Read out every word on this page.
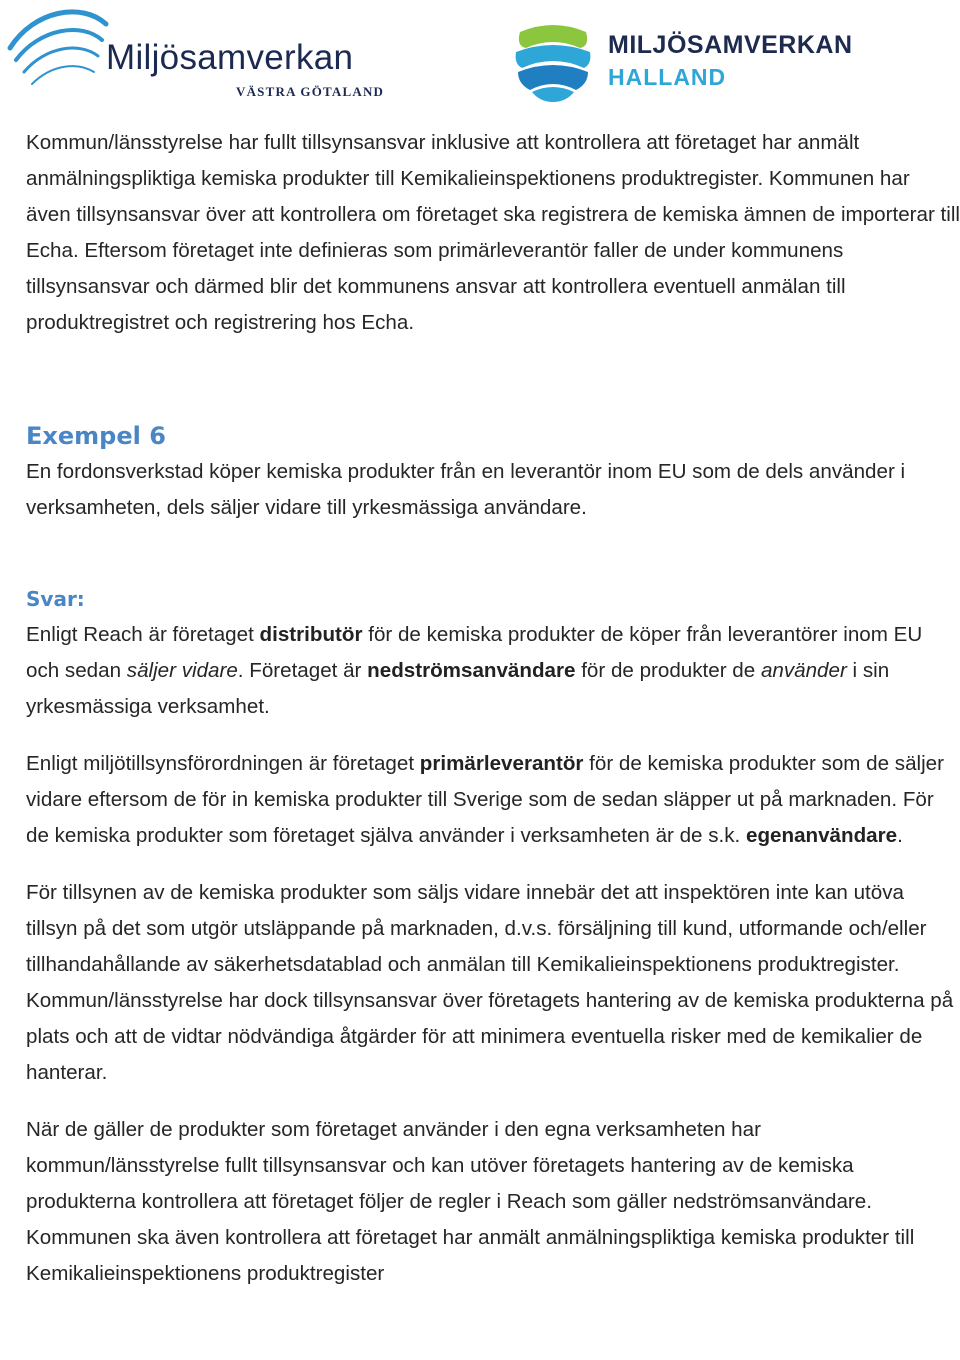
Miljösamverkan
VÄSTRA GÖTALAND
MILJÖSAMVERKAN
HALLAND

Kommun/länsstyrelse har fullt tillsynsansvar inklusive att kontrollera att företaget har anmält anmälningspliktiga kemiska produkter till Kemikalieinspektionens produktregister. Kommunen har även tillsynsansvar över att kontrollera om företaget ska registrera de kemiska ämnen de importerar till Echa. Eftersom företaget inte definieras som primärleverantör faller de under kommunens tillsynsansvar och därmed blir det kommunens ansvar att kontrollera eventuell anmälan till produktregistret och registrering hos Echa.

Exempel 6

En fordonsverkstad köper kemiska produkter från en leverantör inom EU som de dels använder i verksamheten, dels säljer vidare till yrkesmässiga användare.

Svar:

Enligt Reach är företaget distributör för de kemiska produkter de köper från leverantörer inom EU och sedan säljer vidare. Företaget är nedströmsanvändare för de produkter de använder i sin yrkesmässiga verksamhet.

Enligt miljötillsynsförordningen är företaget primärleverantör för de kemiska produkter som de säljer vidare eftersom de för in kemiska produkter till Sverige som de sedan släpper ut på marknaden. För de kemiska produkter som företaget själva använder i verksamheten är de s.k. egenanvändare.

För tillsynen av de kemiska produkter som säljs vidare innebär det att inspektören inte kan utöva tillsyn på det som utgör utsläppande på marknaden, d.v.s. försäljning till kund, utformande och/eller tillhandahållande av säkerhetsdatablad och anmälan till Kemikalieinspektionens produktregister. Kommun/länsstyrelse har dock tillsynsansvar över företagets hantering av de kemiska produkterna på plats och att de vidtar nödvändiga åtgärder för att minimera eventuella risker med de kemikalier de hanterar.

När de gäller de produkter som företaget använder i den egna verksamheten har kommun/länsstyrelse fullt tillsynsansvar och kan utöver företagets hantering av de kemiska produkterna kontrollera att företaget följer de regler i Reach som gäller nedströmsanvändare. Kommunen ska även kontrollera att företaget har anmält anmälningspliktiga kemiska produkter till Kemikalieinspektionens produktregister
